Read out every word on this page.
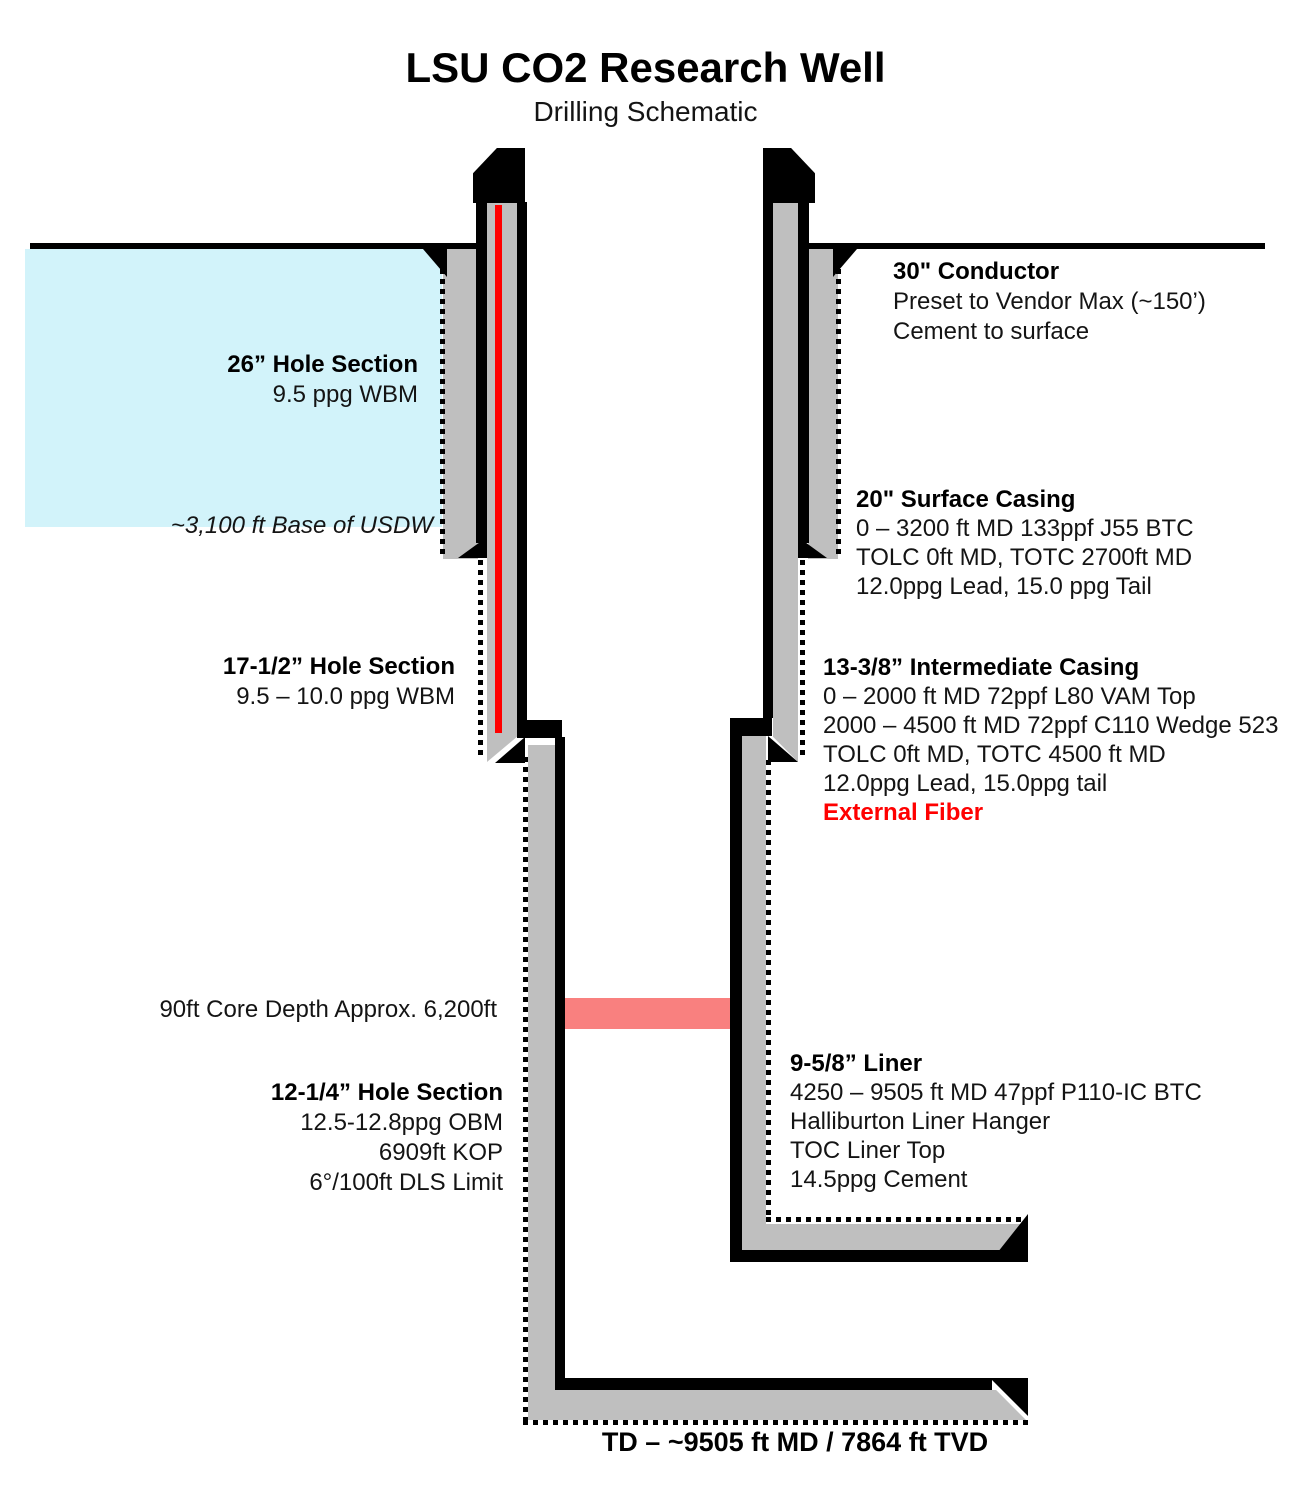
LSU CO2 Research Well
Drilling Schematic
26” Hole Section
9.5 ppg WBM
~3,100 ft Base of USDW
17-1/2” Hole Section
9.5 – 10.0 ppg WBM
90ft Core Depth Approx. 6,200ft
12-1/4” Hole Section
12.5-12.8ppg OBM
6909ft KOP
6°/100ft DLS Limit
30" Conductor
Preset to Vendor Max (~150’)
Cement to surface
20" Surface Casing
0 – 3200 ft MD 133ppf J55 BTC
TOLC 0ft MD, TOTC 2700ft MD
12.0ppg Lead, 15.0 ppg Tail
13-3/8” Intermediate Casing
0 – 2000 ft MD 72ppf L80 VAM Top
2000 – 4500 ft MD 72ppf C110 Wedge 523
TOLC 0ft MD, TOTC 4500 ft MD
12.0ppg Lead, 15.0ppg tail
External Fiber
9-5/8” Liner
4250 – 9505 ft MD 47ppf P110-IC BTC
Halliburton Liner Hanger
TOC Liner Top
14.5ppg Cement
TD – ~9505 ft MD / 7864 ft TVD
